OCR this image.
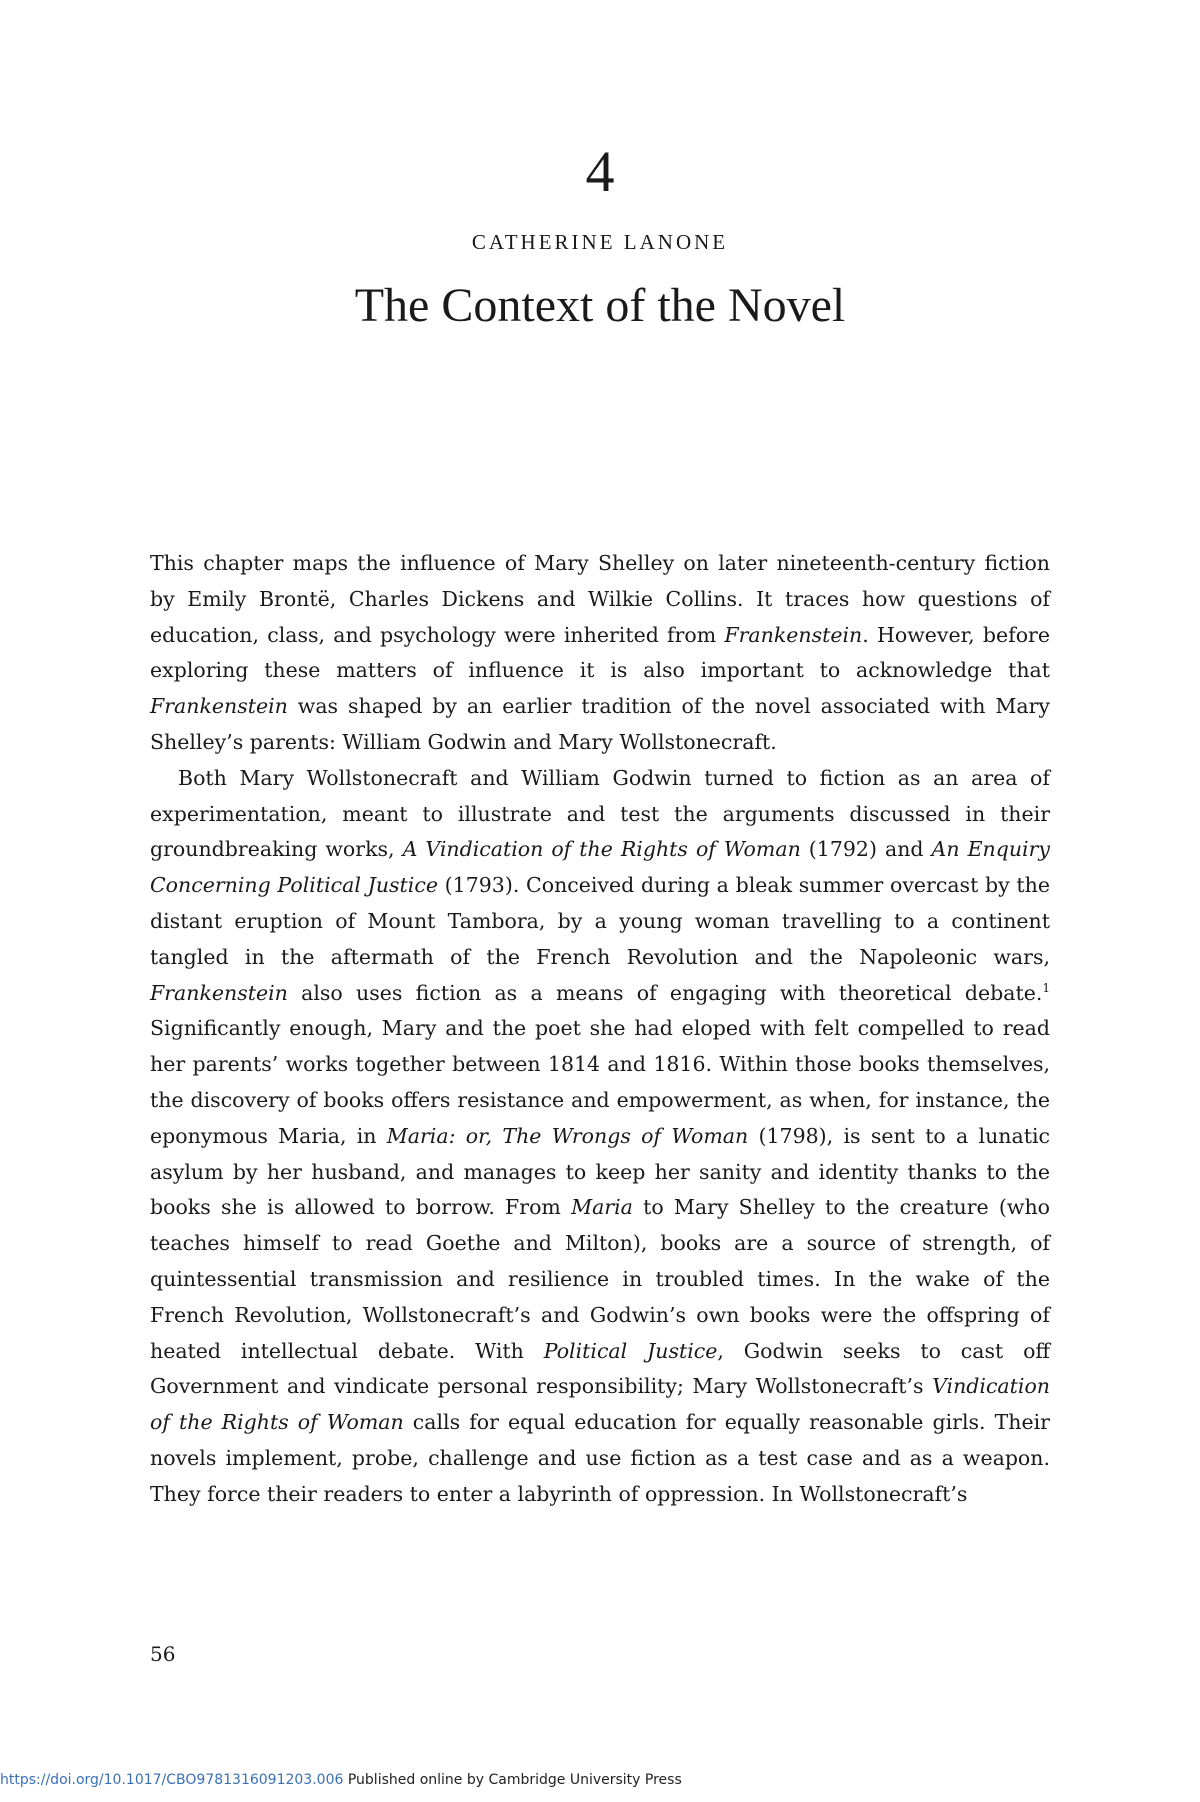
4
CATHERINE LANONE
The Context of the Novel

This chapter maps the influence of Mary Shelley on later nineteenth-century fiction by Emily Brontë, Charles Dickens and Wilkie Collins. It traces how questions of education, class, and psychology were inherited from Frankenstein. However, before exploring these matters of influence it is also important to acknowledge that Frankenstein was shaped by an earlier tradition of the novel associated with Mary Shelley’s parents: William Godwin and Mary Wollstonecraft.

Both Mary Wollstonecraft and William Godwin turned to fiction as an area of experimentation, meant to illustrate and test the arguments discussed in their groundbreaking works, A Vindication of the Rights of Woman (1792) and An Enquiry Concerning Political Justice (1793). Conceived during a bleak summer overcast by the distant eruption of Mount Tambora, by a young woman travelling to a continent tangled in the aftermath of the French Revolution and the Napoleonic wars, Frankenstein also uses fiction as a means of engaging with theoretical debate.$^1$ Significantly enough, Mary and the poet she had eloped with felt compelled to read her parents’ works together between 1814 and 1816. Within those books themselves, the discovery of books offers resistance and empowerment, as when, for instance, the eponymous Maria, in Maria: or, The Wrongs of Woman (1798), is sent to a lunatic asylum by her husband, and manages to keep her sanity and identity thanks to the books she is allowed to borrow. From Maria to Mary Shelley to the creature (who teaches himself to read Goethe and Milton), books are a source of strength, of quintessential transmission and resilience in troubled times. In the wake of the French Revolution, Wollstonecraft’s and Godwin’s own books were the offspring of heated intellectual debate. With Political Justice, Godwin seeks to cast off Government and vindicate personal responsibility; Mary Wollstonecraft’s Vindication of the Rights of Woman calls for equal education for equally reasonable girls. Their novels implement, probe, challenge and use fiction as a test case and as a weapon. They force their readers to enter a labyrinth of oppression. In Wollstonecraft’s

56
https://doi.org/10.1017/CBO9781316091203.006 Published online by Cambridge University Press
